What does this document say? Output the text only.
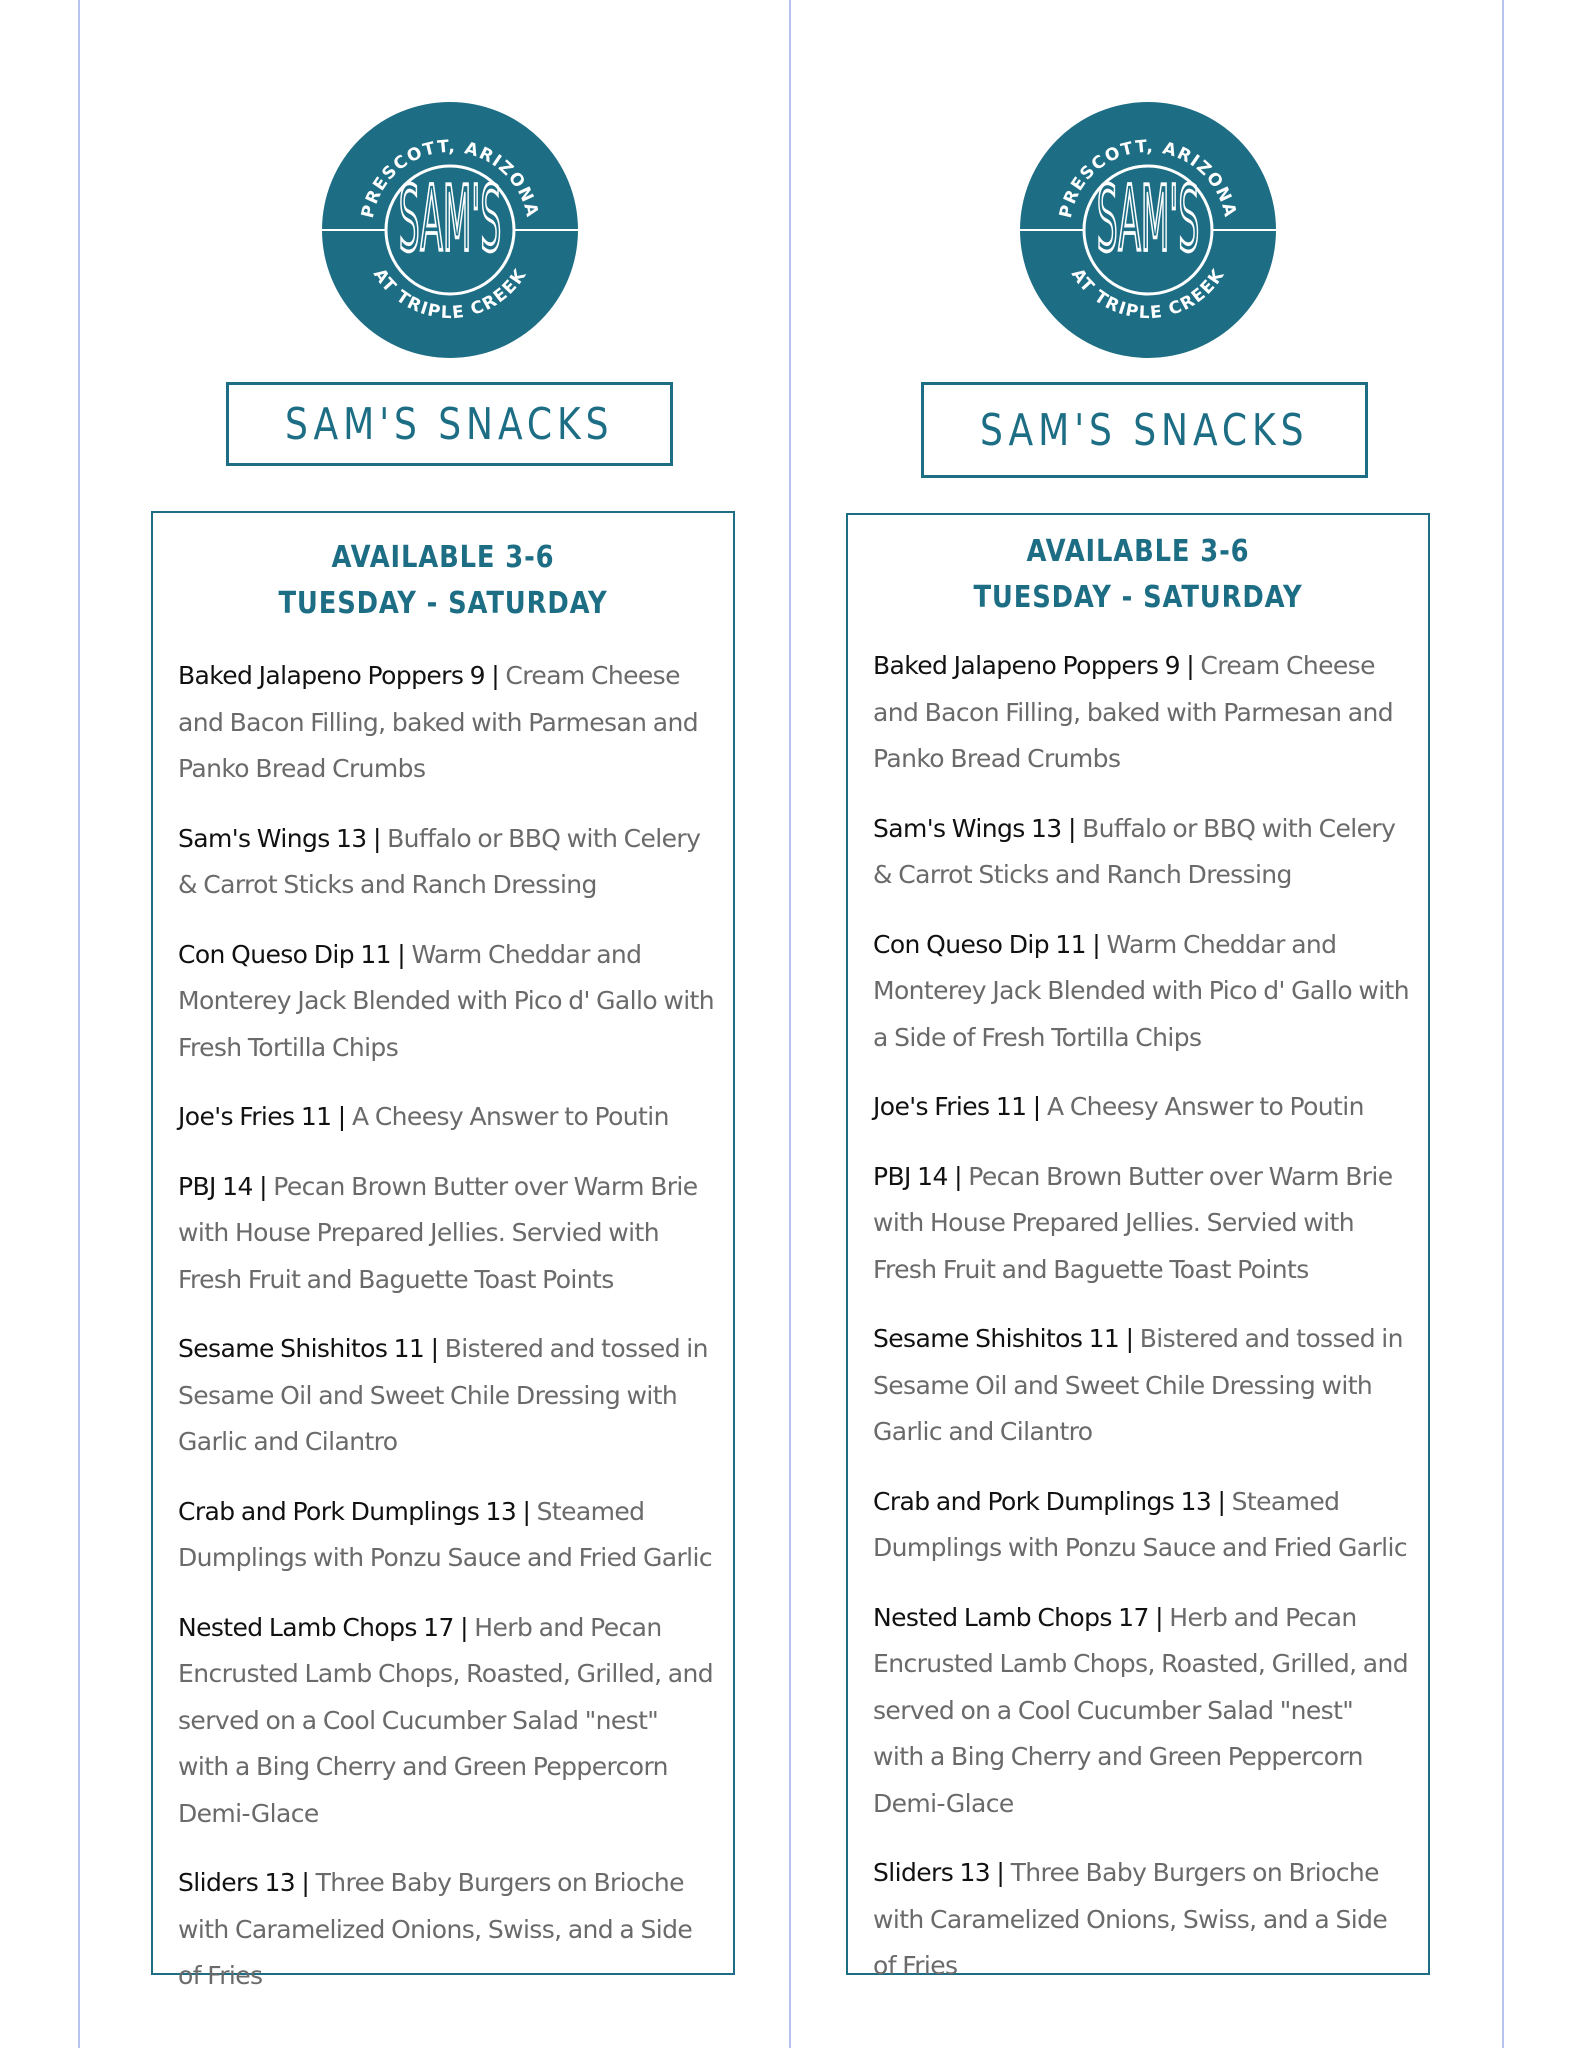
PRESCOTT, ARIZONA
AT TRIPLE CREEK
SAM'S
SAM'S SNACKS
AVAILABLE 3-6
TUESDAY - SATURDAY
Baked Jalapeno Poppers 9 | Cream Cheese and Bacon Filling, baked with Parmesan and Panko Bread Crumbs
Sam's Wings 13 | Buffalo or BBQ with Celery & Carrot Sticks and Ranch Dressing
Con Queso Dip 11 | Warm Cheddar and Monterey Jack Blended with Pico d' Gallo with Fresh Tortilla Chips
Joe's Fries 11 | A Cheesy Answer to Poutin
PBJ 14 | Pecan Brown Butter over Warm Brie with House Prepared Jellies. Servied with Fresh Fruit and Baguette Toast Points
Sesame Shishitos 11 | Bistered and tossed in Sesame Oil and Sweet Chile Dressing with Garlic and Cilantro
Crab and Pork Dumplings 13 | Steamed Dumplings with Ponzu Sauce and Fried Garlic
Nested Lamb Chops 17 | Herb and Pecan Encrusted Lamb Chops, Roasted, Grilled, and served on a Cool Cucumber Salad "nest" with a Bing Cherry and Green Peppercorn Demi-Glace
Sliders 13 | Three Baby Burgers on Brioche with Caramelized Onions, Swiss, and a Side of Fries
PRESCOTT, ARIZONA
AT TRIPLE CREEK
SAM'S
SAM'S SNACKS
AVAILABLE 3-6
TUESDAY - SATURDAY
Baked Jalapeno Poppers 9 | Cream Cheese and Bacon Filling, baked with Parmesan and Panko Bread Crumbs
Sam's Wings 13 | Buffalo or BBQ with Celery & Carrot Sticks and Ranch Dressing
Con Queso Dip 11 | Warm Cheddar and Monterey Jack Blended with Pico d' Gallo with a Side of Fresh Tortilla Chips
Joe's Fries 11 | A Cheesy Answer to Poutin
PBJ 14 | Pecan Brown Butter over Warm Brie with House Prepared Jellies. Servied with Fresh Fruit and Baguette Toast Points
Sesame Shishitos 11 | Bistered and tossed in Sesame Oil and Sweet Chile Dressing with Garlic and Cilantro
Crab and Pork Dumplings 13 | Steamed Dumplings with Ponzu Sauce and Fried Garlic
Nested Lamb Chops 17 | Herb and Pecan Encrusted Lamb Chops, Roasted, Grilled, and served on a Cool Cucumber Salad "nest" with a Bing Cherry and Green Peppercorn Demi-Glace
Sliders 13 | Three Baby Burgers on Brioche with Caramelized Onions, Swiss, and a Side of Fries
